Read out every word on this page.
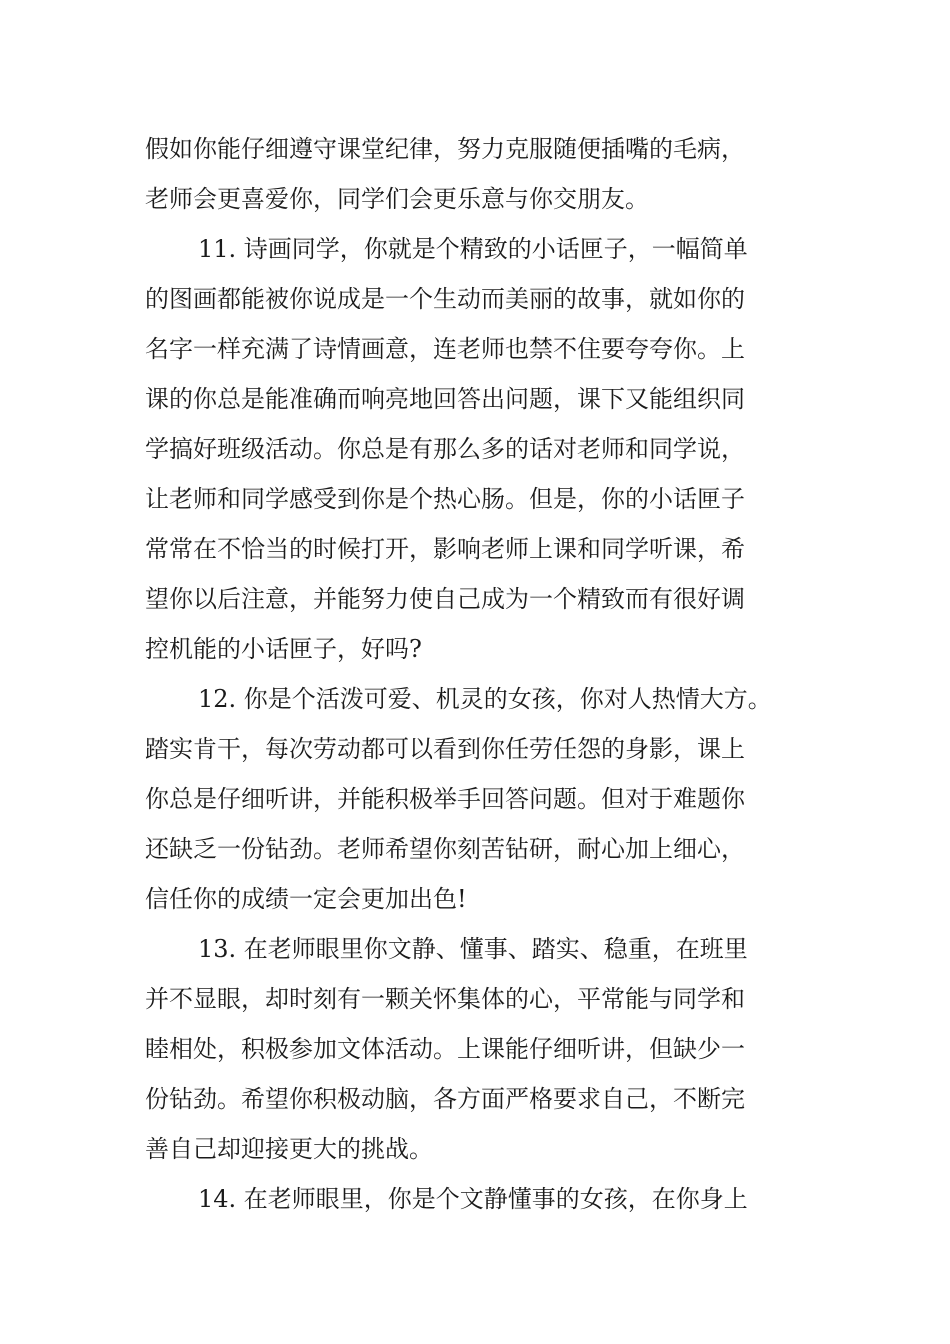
假如你能仔细遵守课堂纪律，努力克服随便插嘴的毛病，
老师会更喜爱你，同学们会更乐意与你交朋友。
11. 诗画同学，你就是个精致的小话匣子，一幅简单
的图画都能被你说成是一个生动而美丽的故事，就如你的
名字一样充满了诗情画意，连老师也禁不住要夸夸你。上
课的你总是能准确而响亮地回答出问题，课下又能组织同
学搞好班级活动。你总是有那么多的话对老师和同学说，
让老师和同学感受到你是个热心肠。但是，你的小话匣子
常常在不恰当的时候打开，影响老师上课和同学听课，希
望你以后注意，并能努力使自己成为一个精致而有很好调
控机能的小话匣子，好吗?
12. 你是个活泼可爱、机灵的女孩，你对人热情大方。
踏实肯干，每次劳动都可以看到你任劳任怨的身影，课上
你总是仔细听讲，并能积极举手回答问题。但对于难题你
还缺乏一份钻劲。老师希望你刻苦钻研，耐心加上细心，
信任你的成绩一定会更加出色!
13. 在老师眼里你文静、懂事、踏实、稳重，在班里
并不显眼，却时刻有一颗关怀集体的心，平常能与同学和
睦相处，积极参加文体活动。上课能仔细听讲，但缺少一
份钻劲。希望你积极动脑，各方面严格要求自己，不断完
善自己却迎接更大的挑战。
14. 在老师眼里，你是个文静懂事的女孩，在你身上
